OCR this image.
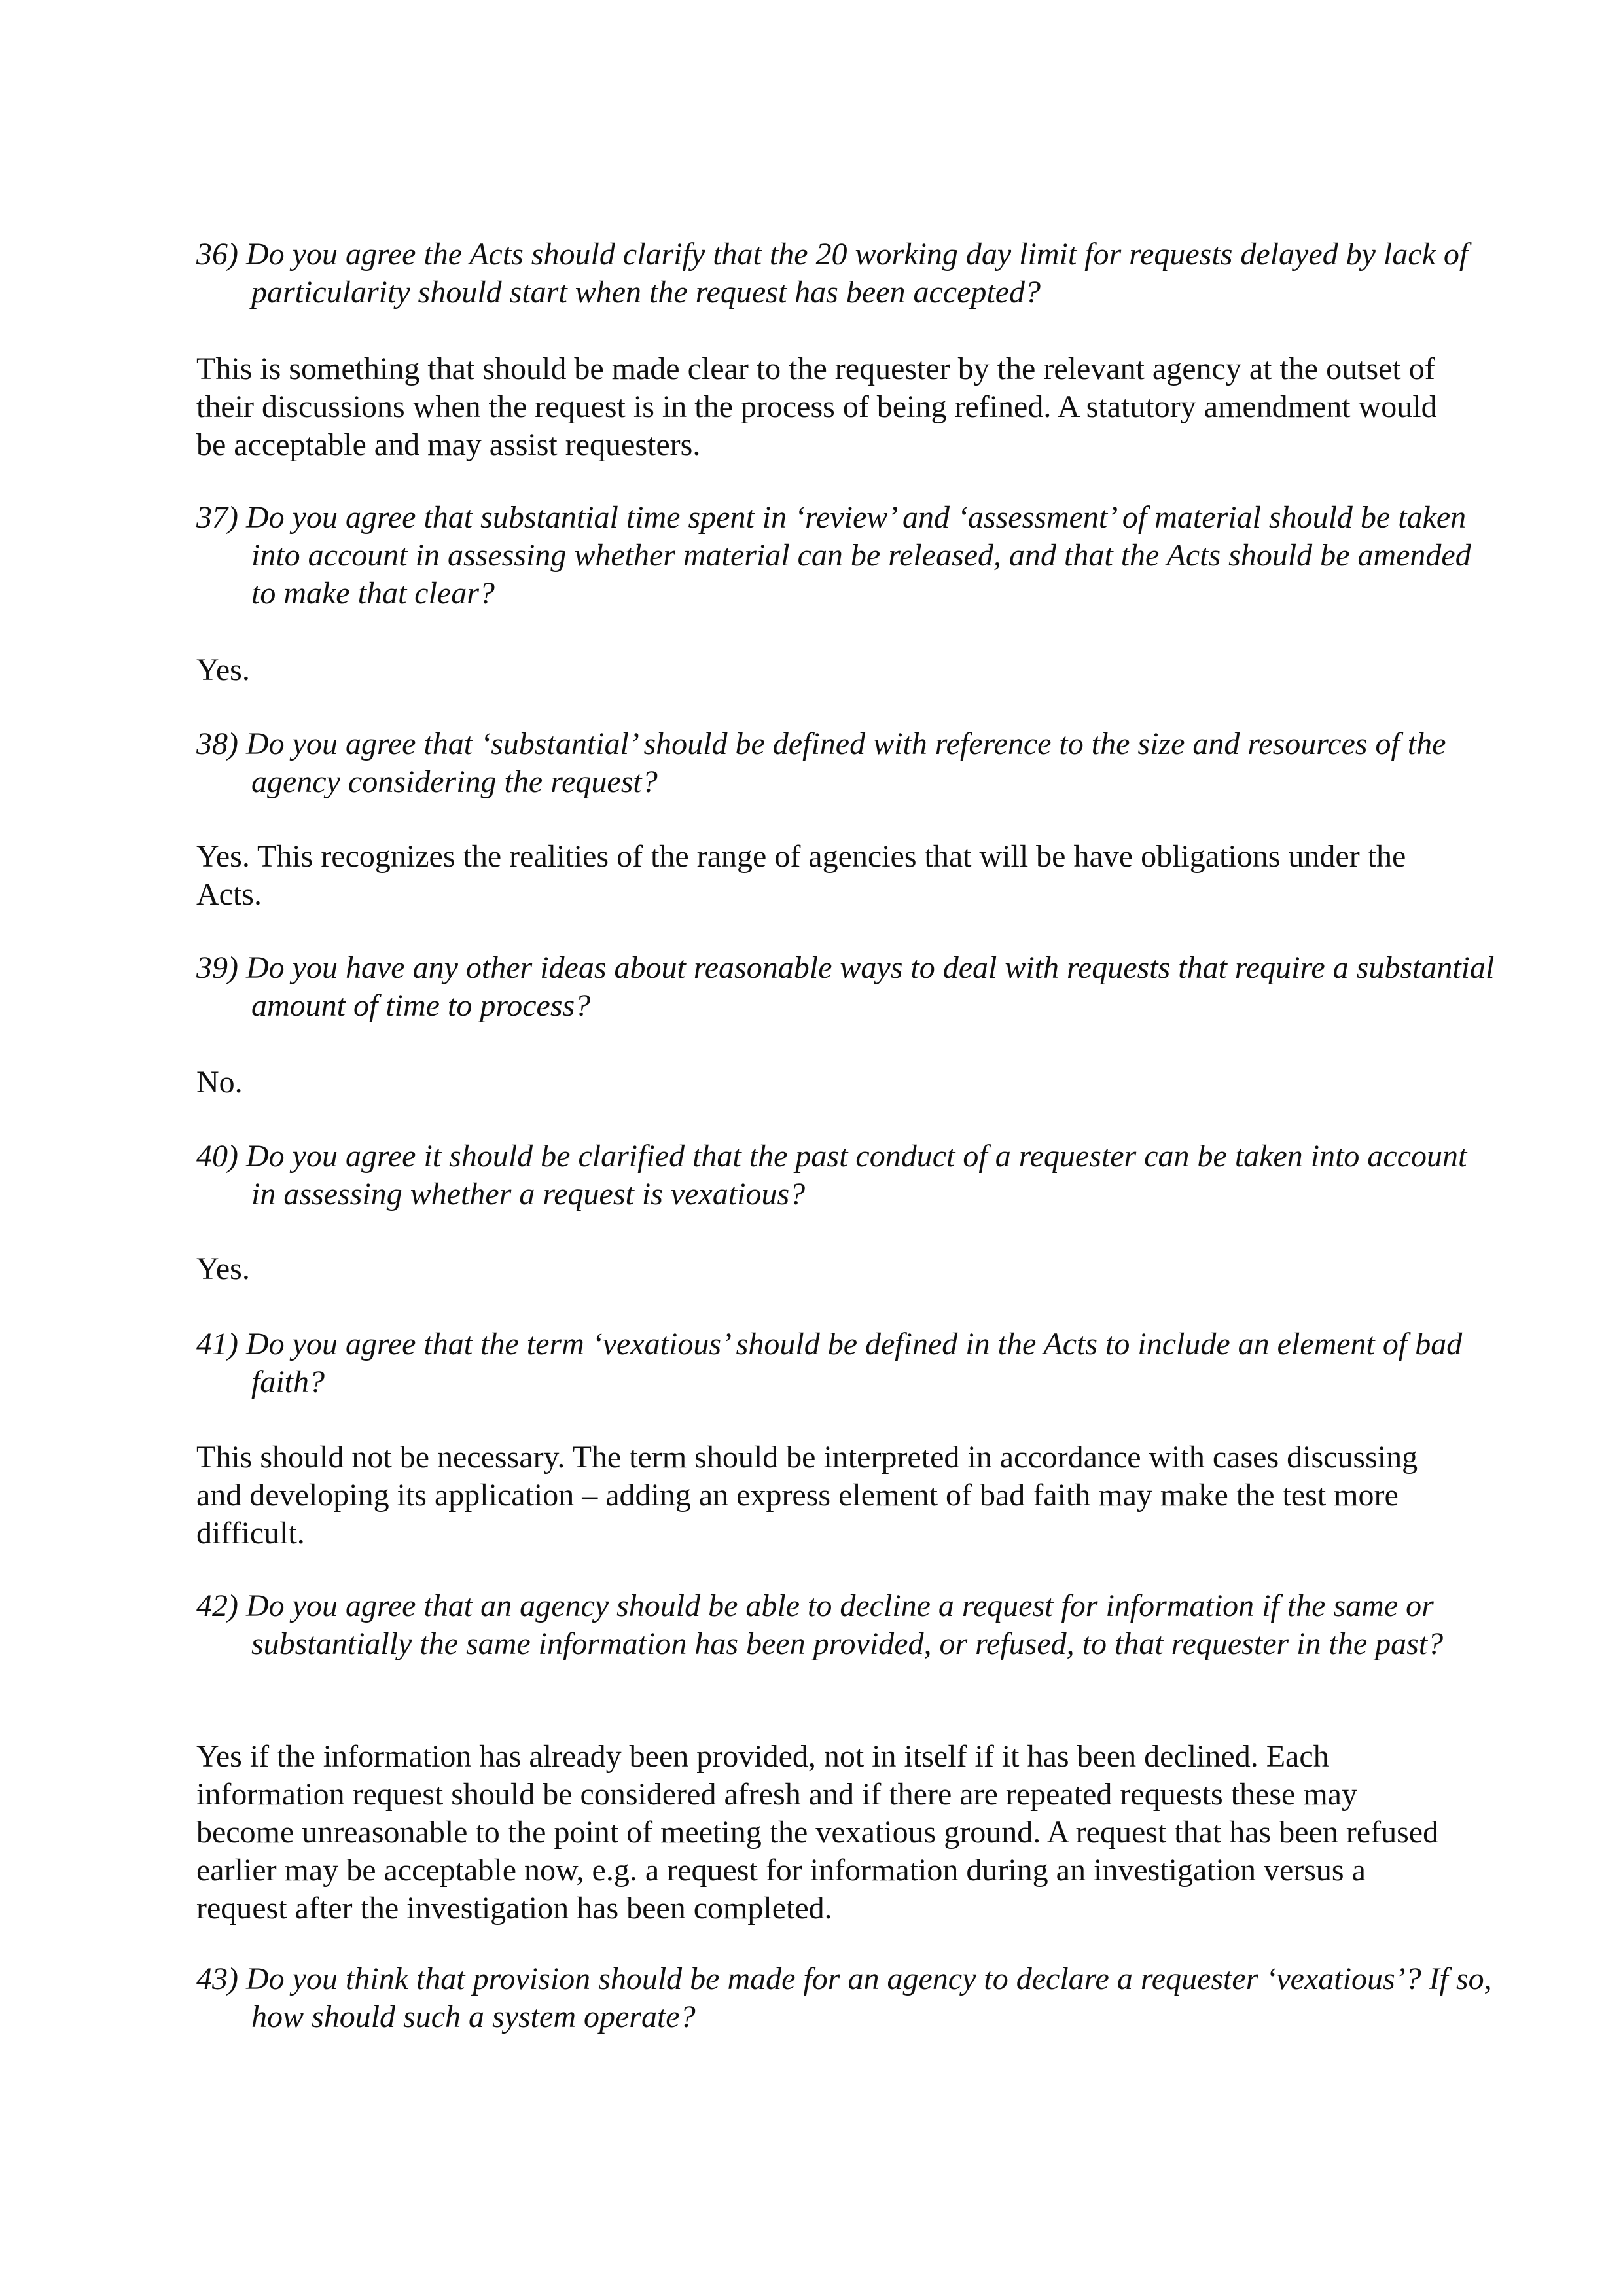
36) Do you agree the Acts should clarify that the 20 working day limit for requests delayed by lack of particularity should start when the request has been accepted?

This is something that should be made clear to the requester by the relevant agency at the outset of their discussions when the request is in the process of being refined. A statutory amendment would be acceptable and may assist requesters.

37) Do you agree that substantial time spent in ‘review’ and ‘assessment’ of material should be taken into account in assessing whether material can be released, and that the Acts should be amended to make that clear?

Yes.

38) Do you agree that ‘substantial’ should be defined with reference to the size and resources of the agency considering the request?

Yes. This recognizes the realities of the range of agencies that will be have obligations under the Acts.

39) Do you have any other ideas about reasonable ways to deal with requests that require a substantial amount of time to process?

No.

40) Do you agree it should be clarified that the past conduct of a requester can be taken into account in assessing whether a request is vexatious?

Yes.

41) Do you agree that the term ‘vexatious’ should be defined in the Acts to include an element of bad faith?

This should not be necessary. The term should be interpreted in accordance with cases discussing and developing its application – adding an express element of bad faith may make the test more difficult.

42) Do you agree that an agency should be able to decline a request for information if the same or substantially the same information has been provided, or refused, to that requester in the past?

Yes if the information has already been provided, not in itself if it has been declined. Each information request should be considered afresh and if there are repeated requests these may become unreasonable to the point of meeting the vexatious ground. A request that has been refused earlier may be acceptable now, e.g. a request for information during an investigation versus a request after the investigation has been completed.

43) Do you think that provision should be made for an agency to declare a requester ‘vexatious’? If so, how should such a system operate?
